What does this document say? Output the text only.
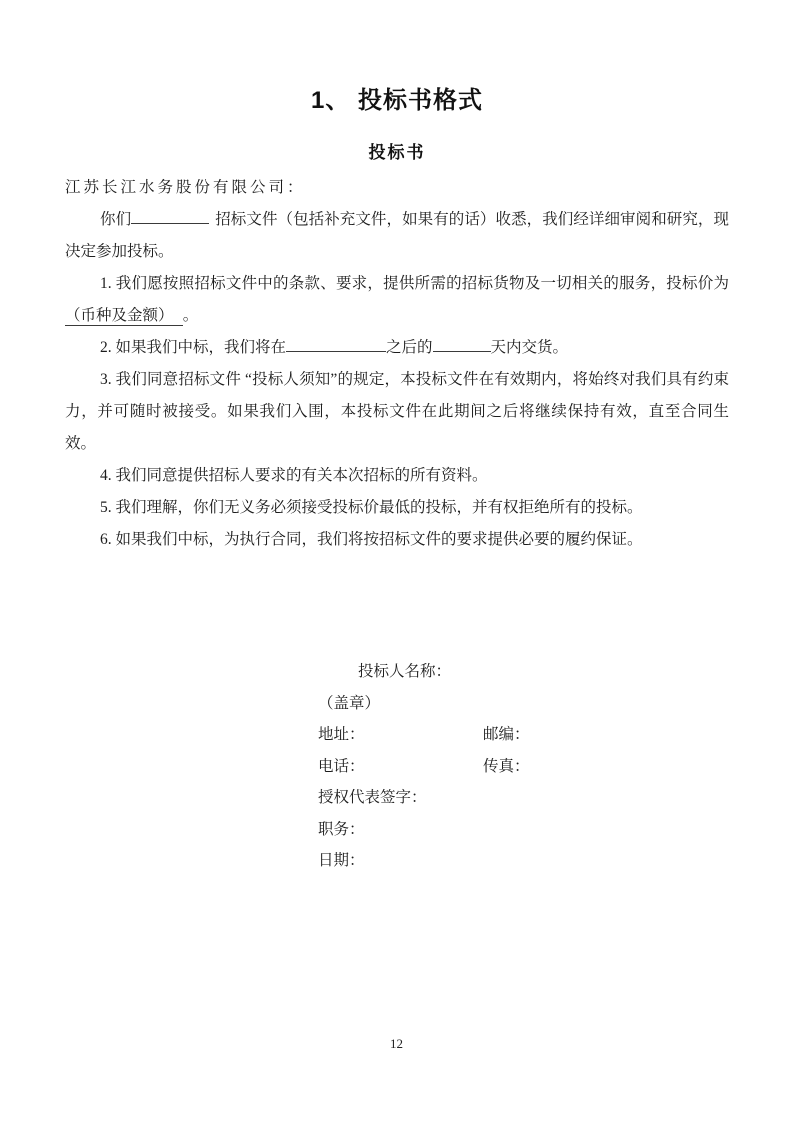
1、 投标书格式
投标书

江苏长江水务股份有限公司：

你们	招标文件（包括补充文件，如果有的话）收悉，我们经详细审阅和研究，现决定参加投标。

1. 我们愿按照招标文件中的条款、要求，提供所需的招标货物及一切相关的服务，投标价为（币种及金额） 。

2. 如果我们中标，我们将在	之后的	天内交货。

3. 我们同意招标文件 “投标人须知”的规定，本投标文件在有效期内，将始终对我们具有约束力，并可随时被接受。如果我们入围，本投标文件在此期间之后将继续保持有效，直至合同生效。

4. 我们同意提供招标人要求的有关本次招标的所有资料。

5. 我们理解，你们无义务必须接受投标价最低的投标，并有权拒绝所有的投标。

6. 如果我们中标，为执行合同，我们将按招标文件的要求提供必要的履约保证。

投标人名称：
（盖章）
地址：	邮编：
电话：	传真：
授权代表签字：
职务：
日期：
12
